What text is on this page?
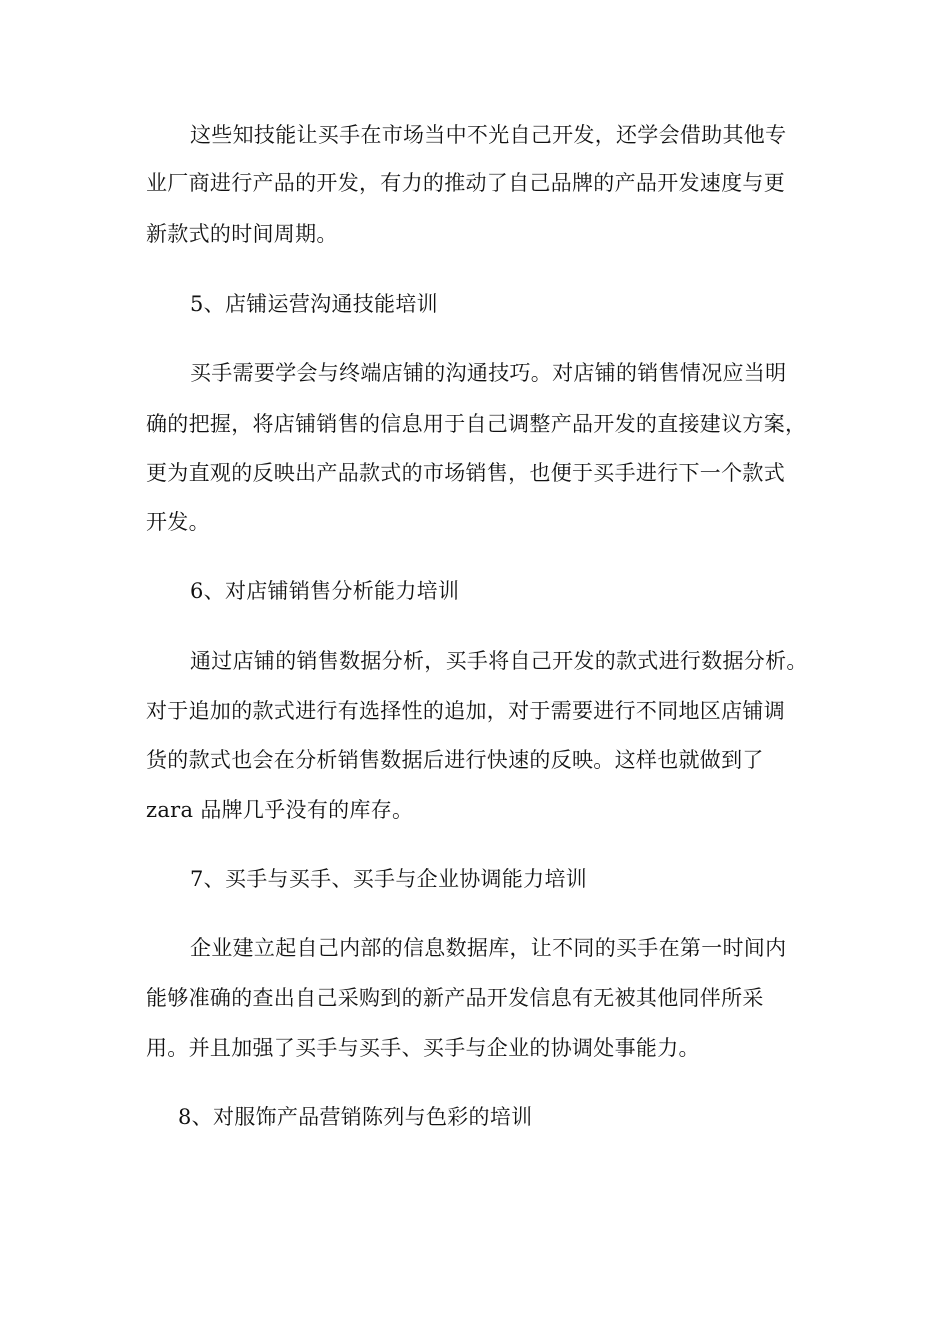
这些知技能让买手在市场当中不光自己开发，还学会借助其他专
业厂商进行产品的开发，有力的推动了自己品牌的产品开发速度与更
新款式的时间周期。
5、店铺运营沟通技能培训
买手需要学会与终端店铺的沟通技巧。对店铺的销售情况应当明
确的把握，将店铺销售的信息用于自己调整产品开发的直接建议方案，
更为直观的反映出产品款式的市场销售，也便于买手进行下一个款式
开发。
6、对店铺销售分析能力培训
通过店铺的销售数据分析，买手将自己开发的款式进行数据分析。
对于追加的款式进行有选择性的追加，对于需要进行不同地区店铺调
货的款式也会在分析销售数据后进行快速的反映。这样也就做到了
zara 品牌几乎没有的库存。
7、买手与买手、买手与企业协调能力培训
企业建立起自己内部的信息数据库，让不同的买手在第一时间内
能够准确的查出自己采购到的新产品开发信息有无被其他同伴所采
用。并且加强了买手与买手、买手与企业的协调处事能力。
8、对服饰产品营销陈列与色彩的培训
